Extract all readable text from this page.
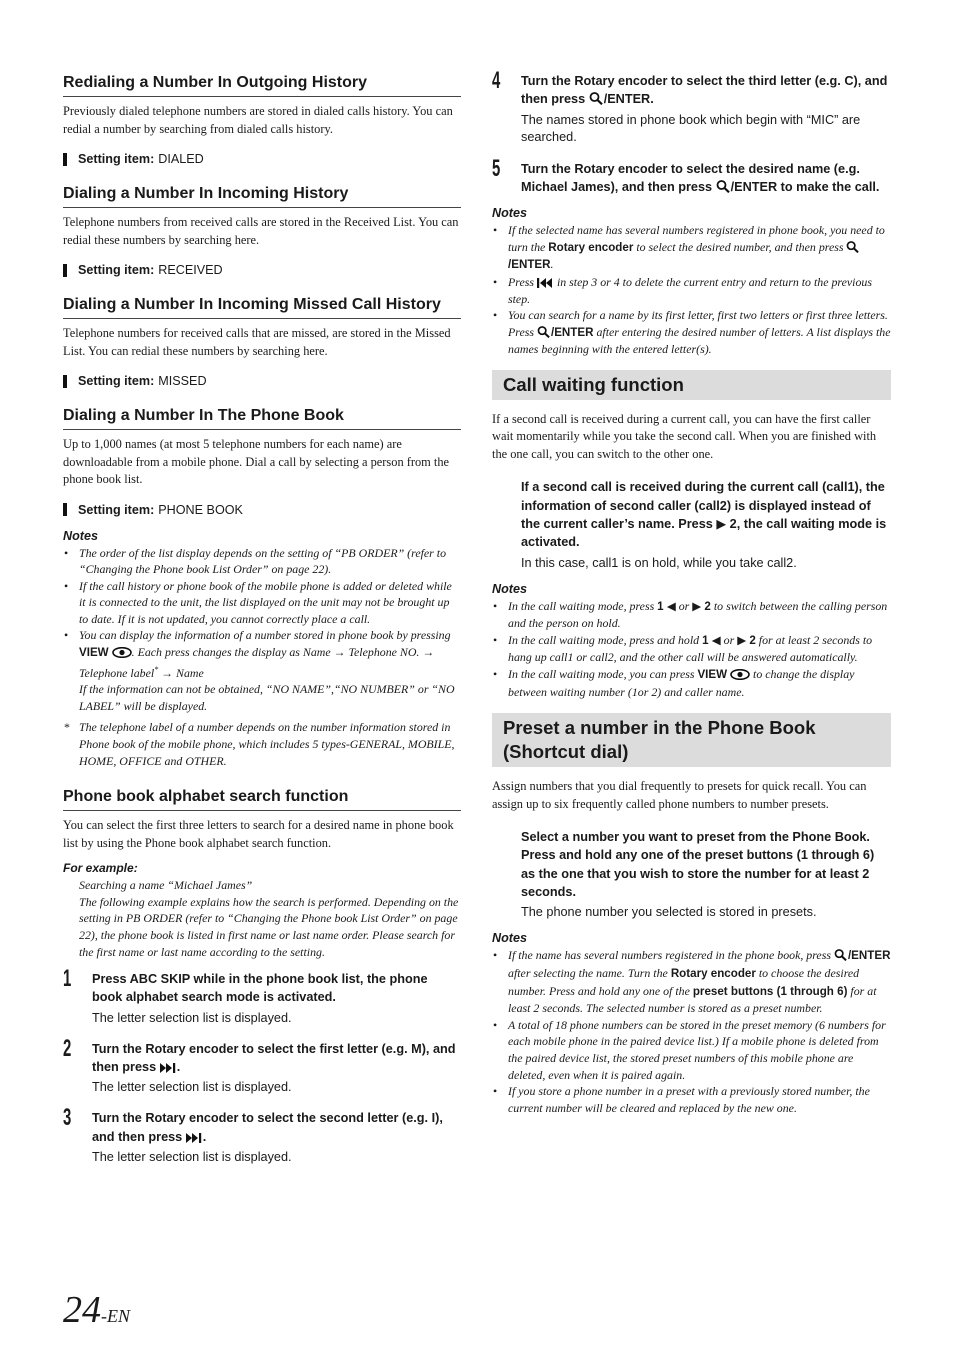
Redialing a Number In Outgoing History

Previously dialed telephone numbers are stored in dialed calls history. You can redial a number by searching from dialed calls history.

Setting item: DIALED
Dialing a Number In Incoming History

Telephone numbers from received calls are stored in the Received List. You can redial these numbers by searching here.

Setting item: RECEIVED
Dialing a Number In Incoming Missed Call History

Telephone numbers for received calls that are missed, are stored in the Missed List. You can redial these numbers by searching here.

Setting item: MISSED
Dialing a Number In The Phone Book

Up to 1,000 names (at most 5 telephone numbers for each name) are downloadable from a mobile phone. Dial a call by selecting a person from the phone book list.

Setting item: PHONE BOOK
Notes
• The order of the list display depends on the setting of “PB ORDER” (refer to “Changing the Phone book List Order” on page 22).
• If the call history or phone book of the mobile phone is added or deleted while it is connected to the unit, the list displayed on the unit may not be brought up to date. If it is not updated, you cannot correctly place a call.
• You can display the information of a number stored in phone book by pressing VIEW . Each press changes the display as Name → Telephone NO. → Telephone label* → Name
If the information can not be obtained, “NO NAME”,“NO NUMBER” or “NO LABEL” will be displayed.
* The telephone label of a number depends on the number information stored in Phone book of the mobile phone, which includes 5 types-GENERAL, MOBILE, HOME, OFFICE and OTHER.
Phone book alphabet search function

You can select the first three letters to search for a desired name in phone book list by using the Phone book alphabet search function.

For example:
Searching a name “Michael James”
The following example explains how the search is performed. Depending on the setting in PB ORDER (refer to “Changing the Phone book List Order” on page 22), the phone book is listed in first name or last name order. Please search for the first name or last name according to the setting.
1 Press ABC SKIP while in the phone book list, the phone book alphabet search mode is activated.
The letter selection list is displayed.
2 Turn the Rotary encoder to select the first letter (e.g. M), and then press .
The letter selection list is displayed.
3 Turn the Rotary encoder to select the second letter (e.g. I), and then press .
The letter selection list is displayed.
4 Turn the Rotary encoder to select the third letter (e.g. C), and then press /ENTER.
The names stored in phone book which begin with “MIC” are searched.
5 Turn the Rotary encoder to select the desired name (e.g. Michael James), and then press /ENTER to make the call.
Notes
• If the selected name has several numbers registered in phone book, you need to turn the Rotary encoder to select the desired number, and then press /ENTER.
• Press  in step 3 or 4 to delete the current entry and return to the previous step.
• You can search for a name by its first letter, first two letters or first three letters. Press /ENTER after entering the desired number of letters. A list displays the names beginning with the entered letter(s).
Call waiting function

If a second call is received during a current call, you can have the first caller wait momentarily while you take the second call. When you are finished with the one call, you can switch to the other one.

If a second call is received during the current call (call1), the information of second caller (call2) is displayed instead of the current caller’s name. Press ▶ 2, the call waiting mode is activated.
In this case, call1 is on hold, while you take call2.
Notes
• In the call waiting mode, press 1 ◀ or ▶ 2 to switch between the calling person and the person on hold.
• In the call waiting mode, press and hold 1 ◀ or ▶ 2 for at least 2 seconds to hang up call1 or call2, and the other call will be answered automatically.
• In the call waiting mode, you can press VIEW  to change the display between waiting number (1or 2) and caller name.
Preset a number in the Phone Book (Shortcut dial)

Assign numbers that you dial frequently to presets for quick recall. You can assign up to six frequently called phone numbers to number presets.

Select a number you want to preset from the Phone Book. Press and hold any one of the preset buttons (1 through 6) as the one that you wish to store the number for at least 2 seconds.
The phone number you selected is stored in presets.
Notes
• If the name has several numbers registered in the phone book, press /ENTER after selecting the name. Turn the Rotary encoder to choose the desired number. Press and hold any one of the preset buttons (1 through 6) for at least 2 seconds. The selected number is stored as a preset number.
• A total of 18 phone numbers can be stored in the preset memory (6 numbers for each mobile phone in the paired device list.) If a mobile phone is deleted from the paired device list, the stored preset numbers of this mobile phone are deleted, even when it is paired again.
• If you store a phone number in a preset with a previously stored number, the current number will be cleared and replaced by the new one.
24-EN
